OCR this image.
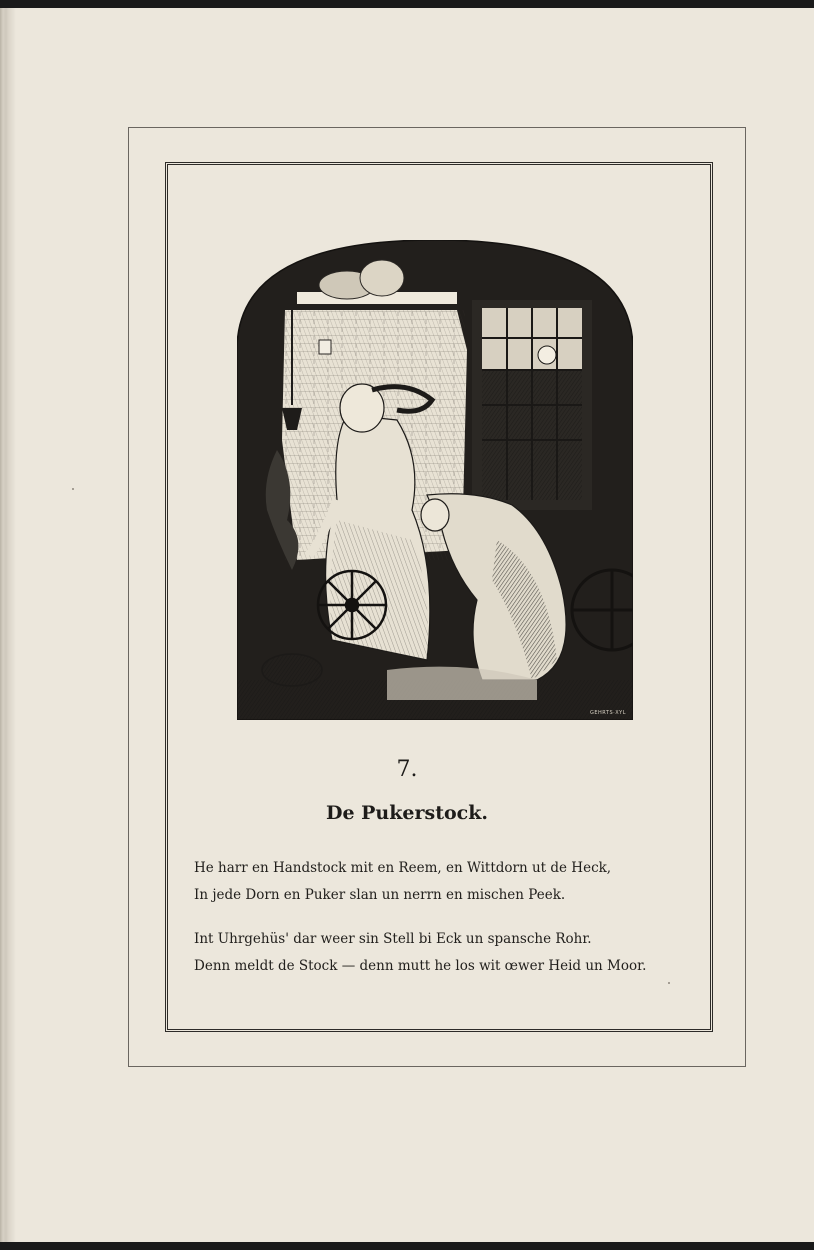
GEHRTS·XYL
7.
De Pukerstock.
He harr en Handstock mit en Reem, en Wittdorn ut de Heck,
In jede Dorn en Puker slan un nerrn en mischen Peek.
Int Uhrgehüs' dar weer sin Stell bi Eck un spansche Rohr.
Denn meldt de Stock — denn mutt he los wit œwer Heid un Moor.
